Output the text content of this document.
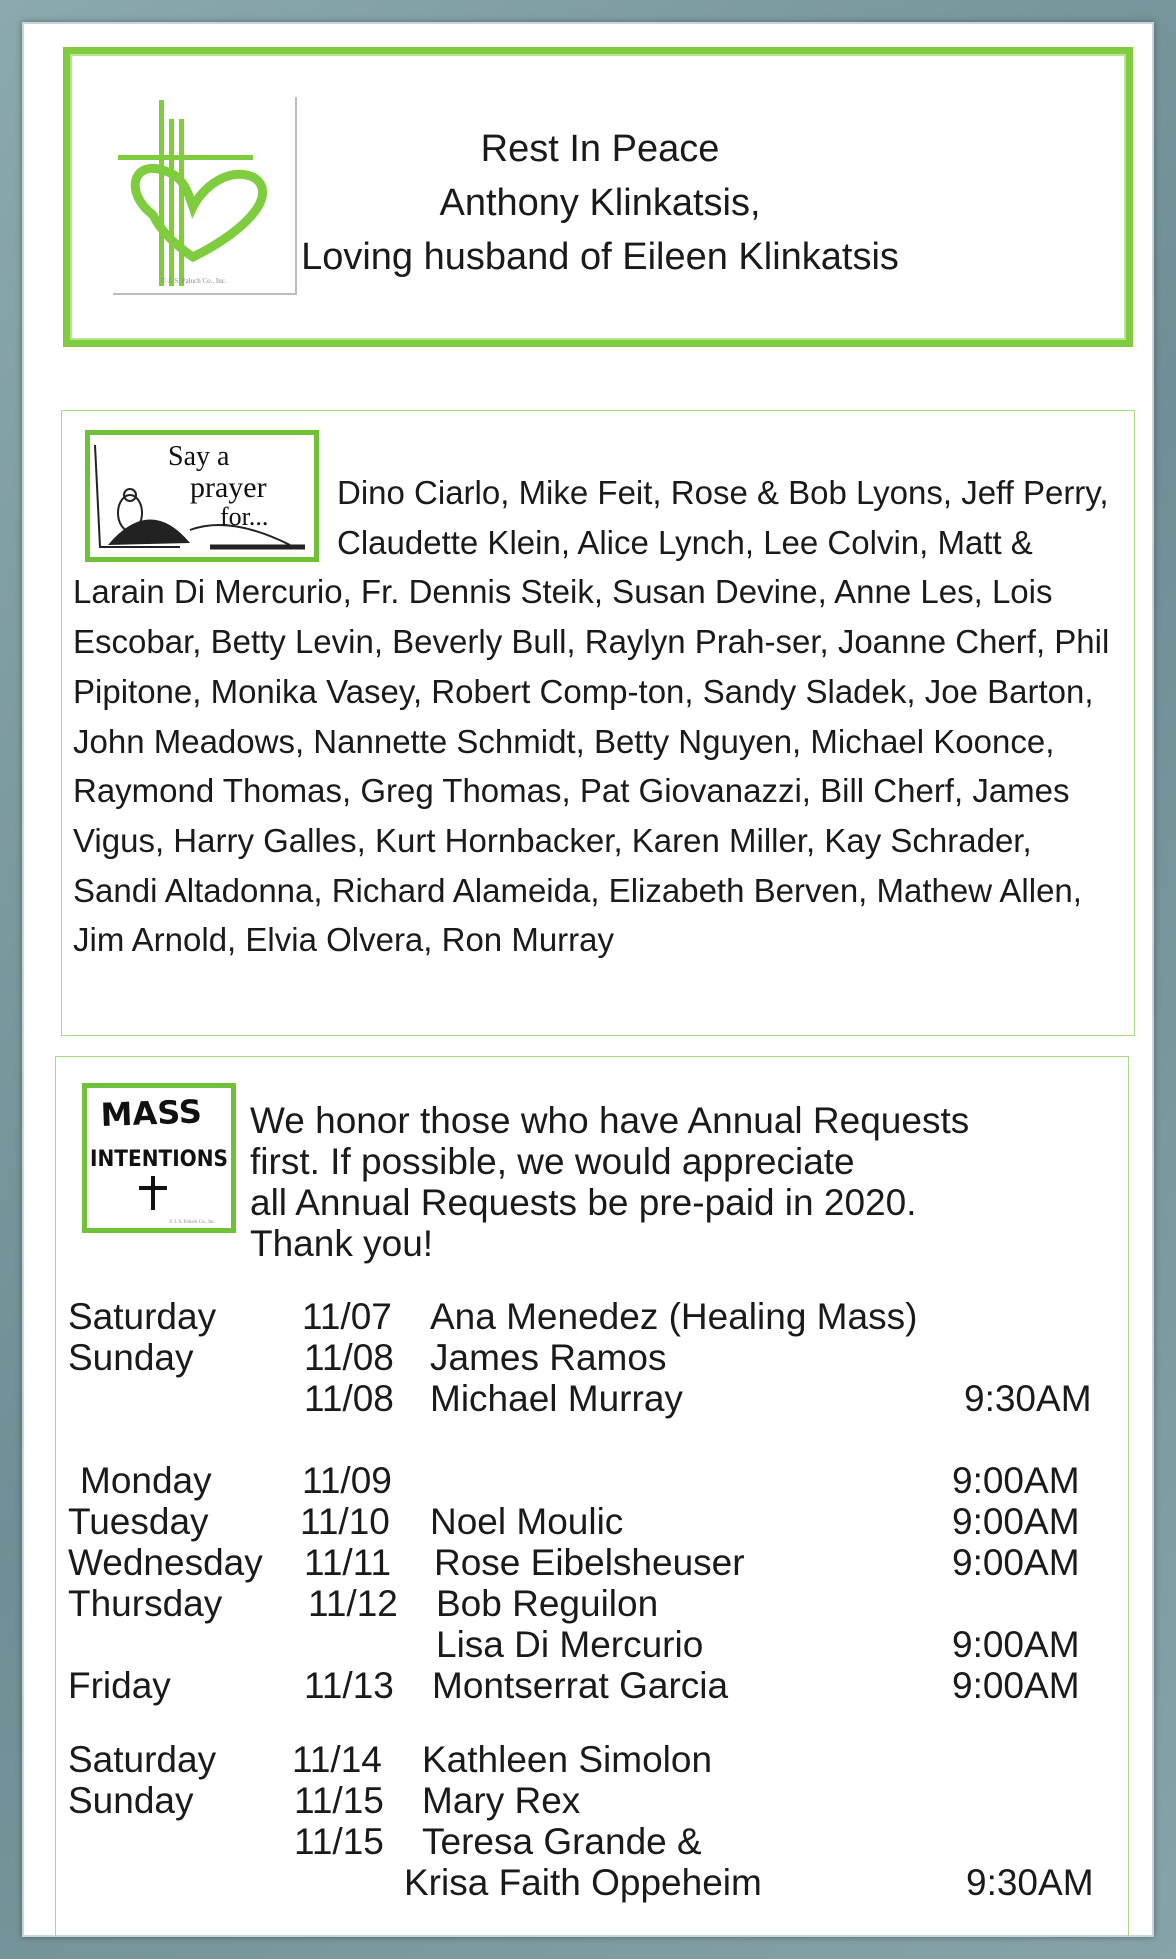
© J. S. Paluch Co., Inc.
Rest In Peace
Anthony Klinkatsis,
Loving husband of Eileen Klinkatsis
Say a
prayer
for...
Dino Ciarlo, Mike Feit, Rose & Bob Lyons, Jeff Perry, Claudette Klein, Alice Lynch, Lee Colvin, Matt & Larain Di Mercurio, Fr. Dennis Steik, Susan Devine, Anne Les, Lois Escobar, Betty Levin, Beverly Bull, Raylyn Prah-ser, Joanne Cherf, Phil Pipitone, Monika Vasey, Robert Comp-ton, Sandy Sladek, Joe Barton, John Meadows, Nannette Schmidt, Betty Nguyen, Michael Koonce, Raymond Thomas, Greg Thomas, Pat Giovanazzi, Bill Cherf, James Vigus, Harry Galles, Kurt Hornbacker, Karen Miller, Kay Schrader, Sandi Altadonna, Richard Alameida, Elizabeth Berven, Mathew Allen, Jim Arnold, Elvia Olvera, Ron Murray
MASS
INTENTIONS
© J. S. Paluch Co., Inc.
We honor those who have Annual Requests
first. If possible, we would appreciate
all Annual Requests be pre-paid in 2020.
Thank you!
Saturday 11/07 Ana Menedez (Healing Mass)
Sunday	11/08 James Ramos
11/08 Michael Murray	9:30AM
Monday 11/09	9:00AM
Tuesday 11/10 Noel Moulic	9:00AM
Wednesday 11/11 Rose Eibelsheuser	9:00AM
Thursday 11/12 Bob Reguilon
Lisa Di Mercurio	9:00AM
Friday	11/13 Montserrat Garcia	9:00AM
Saturday 11/14 Kathleen Simolon
Sunday	11/15 Mary Rex
11/15 Teresa Grande &
Krisa Faith Oppeheim	9:30AM
